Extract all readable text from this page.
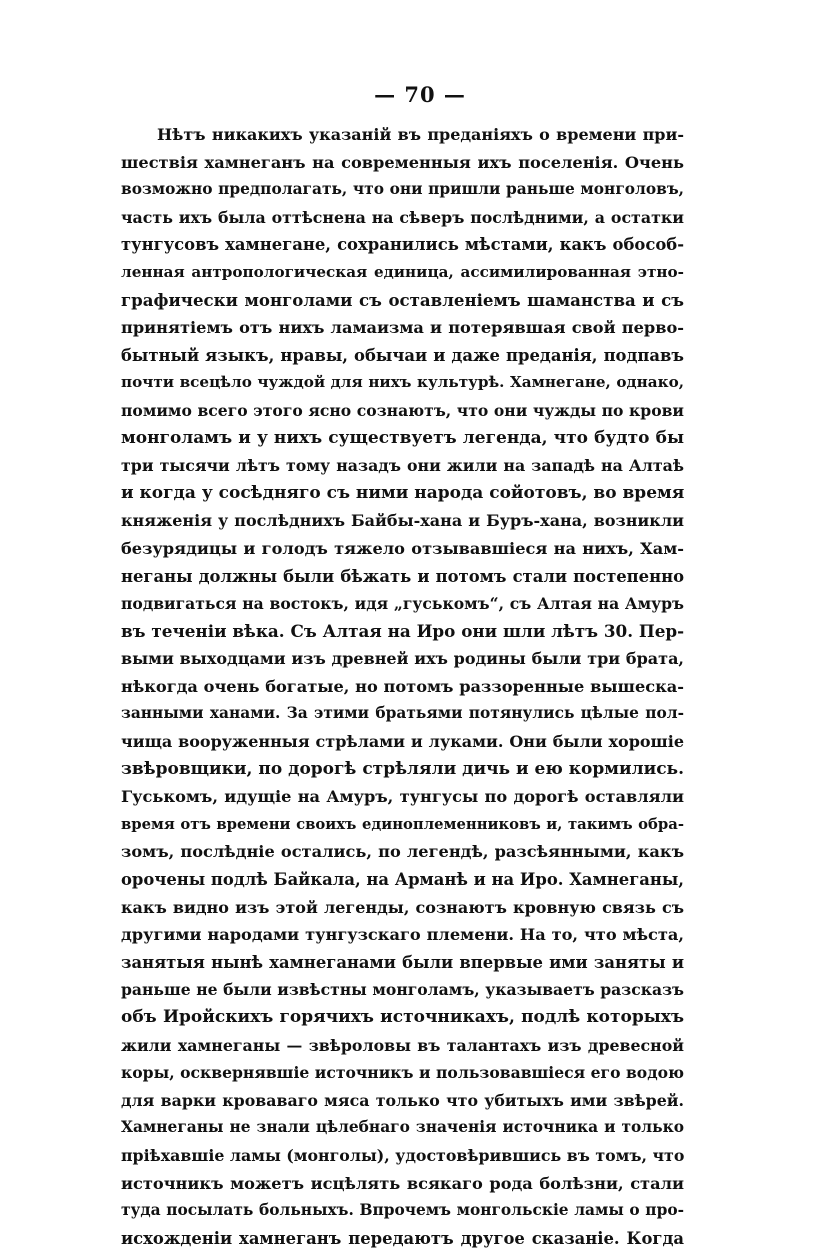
— 70 —
Нѣтъ никакихъ указаній въ преданіяхъ о времени при-
шествія хамнеганъ на современныя ихъ поселенія. Очень
возможно предполагать, что они пришли раньше монголовъ,
часть ихъ была оттѣснена на сѣверъ послѣдними, а остатки
тунгусовъ хамнегане, сохранились мѣстами, какъ обособ-
ленная антропологическая единица, ассимилированная этно-
графически монголами съ оставленіемъ шаманства и съ
принятіемъ отъ нихъ ламаизма и потерявшая свой перво-
бытный языкъ, нравы, обычаи и даже преданія, подпавъ
почти всецѣло чуждой для нихъ культурѣ. Хамнегане, однако,
помимо всего этого ясно сознаютъ, что они чужды по крови
монголамъ и у нихъ существуетъ легенда, что будто бы
три тысячи лѣтъ тому назадъ они жили на западѣ на Алтаѣ
и когда у сосѣдняго съ ними народа сойотовъ, во время
княженія у послѣднихъ Байбы-хана и Буръ-хана, возникли
безурядицы и голодъ тяжело отзывавшіеся на нихъ, Хам-
неганы должны были бѣжать и потомъ стали постепенно
подвигаться на востокъ, идя „гуськомъ“, съ Алтая на Амуръ
въ теченіи вѣка. Съ Алтая на Иро они шли лѣтъ 30. Пер-
выми выходцами изъ древней ихъ родины были три брата,
нѣкогда очень богатые, но потомъ раззоренные вышеска-
занными ханами. За этими братьями потянулись цѣлые пол-
чища вооруженныя стрѣлами и луками. Они были хорошіе
звѣровщики, по дорогѣ стрѣляли дичь и ею кормились.
Гуськомъ, идущіе на Амуръ, тунгусы по дорогѣ оставляли
время отъ времени своихъ единоплеменниковъ и, такимъ обра-
зомъ, послѣдніе остались, по легендѣ, разсѣянными, какъ
орочены подлѣ Байкала, на Арманѣ и на Иро. Хамнеганы,
какъ видно изъ этой легенды, сознаютъ кровную связь съ
другими народами тунгузскаго племени. На то, что мѣста,
занятыя нынѣ хамнеганами были впервые ими заняты и
раньше не были извѣстны монголамъ, указываетъ разсказъ
объ Иройскихъ горячихъ источникахъ, подлѣ которыхъ
жили хамнеганы — звѣроловы въ талантахъ изъ древесной
коры, осквернявшіе источникъ и пользовавшіеся его водою
для варки кроваваго мяса только что убитыхъ ими звѣрей.
Хамнеганы не знали цѣлебнаго значенія источника и только
пріѣхавшіе ламы (монголы), удостовѣрившись въ томъ, что
источникъ можетъ исцѣлять всякаго рода болѣзни, стали
туда посылать больныхъ. Впрочемъ монгольскіе ламы о про-
исхожденіи хамнеганъ передаютъ другое сказаніе. Когда
